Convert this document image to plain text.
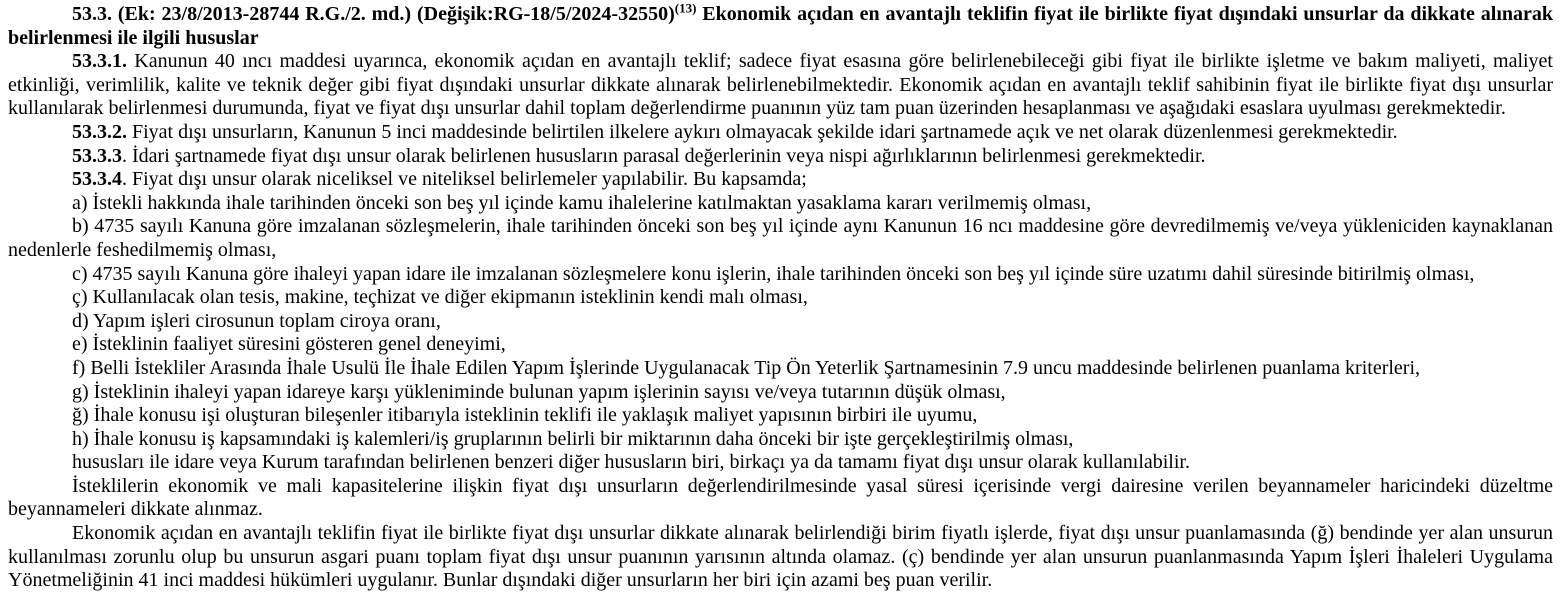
53.3. (Ek: 23/8/2013-28744 R.G./2. md.) (Değişik:RG-18/5/2024-32550)$^{(13)}$ Ekonomik açıdan en avantajlı teklifin fiyat ile birlikte fiyat dışındaki unsurlar da dikkate alınarak belirlenmesi ile ilgili hususlar

53.3.1. Kanunun 40 ıncı maddesi uyarınca, ekonomik açıdan en avantajlı teklif; sadece fiyat esasına göre belirlenebileceği gibi fiyat ile birlikte işletme ve bakım maliyeti, maliyet etkinliği, verimlilik, kalite ve teknik değer gibi fiyat dışındaki unsurlar dikkate alınarak belirlenebilmektedir. Ekonomik açıdan en avantajlı teklif sahibinin fiyat ile birlikte fiyat dışı unsurlar kullanılarak belirlenmesi durumunda, fiyat ve fiyat dışı unsurlar dahil toplam değerlendirme puanının yüz tam puan üzerinden hesaplanması ve aşağıdaki esaslara uyulması gerekmektedir.

53.3.2. Fiyat dışı unsurların, Kanunun 5 inci maddesinde belirtilen ilkelere aykırı olmayacak şekilde idari şartnamede açık ve net olarak düzenlenmesi gerekmektedir.

53.3.3. İdari şartnamede fiyat dışı unsur olarak belirlenen hususların parasal değerlerinin veya nispi ağırlıklarının belirlenmesi gerekmektedir.

53.3.4. Fiyat dışı unsur olarak niceliksel ve niteliksel belirlemeler yapılabilir. Bu kapsamda;

a) İstekli hakkında ihale tarihinden önceki son beş yıl içinde kamu ihalelerine katılmaktan yasaklama kararı verilmemiş olması,

b) 4735 sayılı Kanuna göre imzalanan sözleşmelerin, ihale tarihinden önceki son beş yıl içinde aynı Kanunun 16 ncı maddesine göre devredilmemiş ve/veya yükleniciden kaynaklanan nedenlerle feshedilmemiş olması,

c) 4735 sayılı Kanuna göre ihaleyi yapan idare ile imzalanan sözleşmelere konu işlerin, ihale tarihinden önceki son beş yıl içinde süre uzatımı dahil süresinde bitirilmiş olması,

ç) Kullanılacak olan tesis, makine, teçhizat ve diğer ekipmanın isteklinin kendi malı olması,

d) Yapım işleri cirosunun toplam ciroya oranı,

e) İsteklinin faaliyet süresini gösteren genel deneyimi,

f) Belli İstekliler Arasında İhale Usulü İle İhale Edilen Yapım İşlerinde Uygulanacak Tip Ön Yeterlik Şartnamesinin 7.9 uncu maddesinde belirlenen puanlama kriterleri,

g) İsteklinin ihaleyi yapan idareye karşı yükleniminde bulunan yapım işlerinin sayısı ve/veya tutarının düşük olması,

ğ) İhale konusu işi oluşturan bileşenler itibarıyla isteklinin teklifi ile yaklaşık maliyet yapısının birbiri ile uyumu,

h) İhale konusu iş kapsamındaki iş kalemleri/iş gruplarının belirli bir miktarının daha önceki bir işte gerçekleştirilmiş olması,

hususları ile idare veya Kurum tarafından belirlenen benzeri diğer hususların biri, birkaçı ya da tamamı fiyat dışı unsur olarak kullanılabilir.

İsteklilerin ekonomik ve mali kapasitelerine ilişkin fiyat dışı unsurların değerlendirilmesinde yasal süresi içerisinde vergi dairesine verilen beyannameler haricindeki düzeltme beyannameleri dikkate alınmaz.

Ekonomik açıdan en avantajlı teklifin fiyat ile birlikte fiyat dışı unsurlar dikkate alınarak belirlendiği birim fiyatlı işlerde, fiyat dışı unsur puanlamasında (ğ) bendinde yer alan unsurun kullanılması zorunlu olup bu unsurun asgari puanı toplam fiyat dışı unsur puanının yarısının altında olamaz. (ç) bendinde yer alan unsurun puanlanmasında Yapım İşleri İhaleleri Uygulama Yönetmeliğinin 41 inci maddesi hükümleri uygulanır. Bunlar dışındaki diğer unsurların her biri için azami beş puan verilir.
